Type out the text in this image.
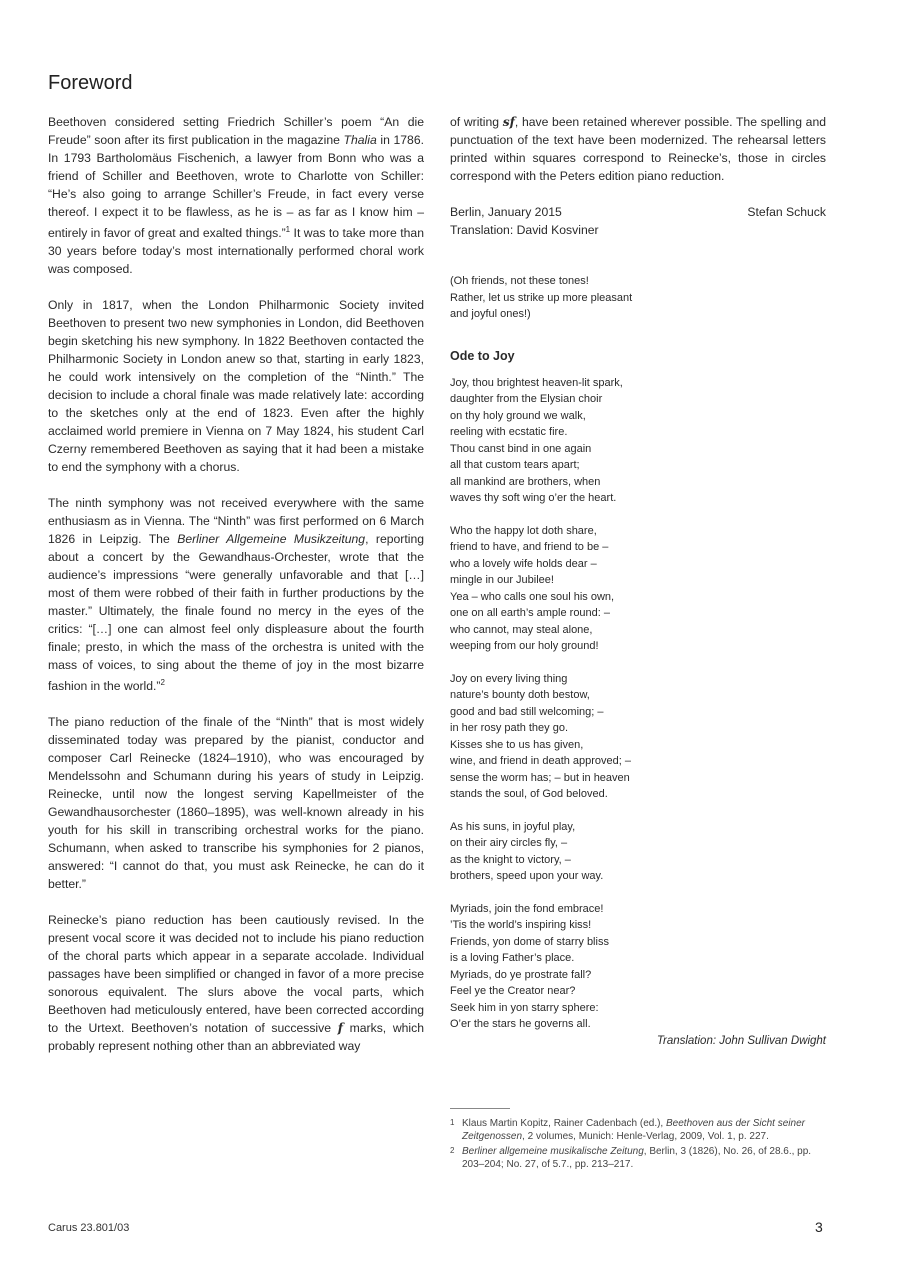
Foreword

Beethoven considered setting Friedrich Schiller’s poem “An die Freude” soon after its first publication in the magazine Thalia in 1786. In 1793 Bartholomäus Fischenich, a lawyer from Bonn who was a friend of Schiller and Beethoven, wrote to Charlotte von Schiller: “He’s also going to arrange Schiller’s Freude, in fact every verse thereof. I expect it to be flawless, as he is – as far as I know him – entirely in favor of great and exalted things.”$^1$ It was to take more than 30 years before today’s most internationally performed choral work was composed.

Only in 1817, when the London Philharmonic Society invited Beethoven to present two new symphonies in London, did Beethoven begin sketching his new symphony. In 1822 Beethoven contacted the Philharmonic Society in London anew so that, starting in early 1823, he could work intensively on the completion of the “Ninth.” The decision to include a choral finale was made relatively late: according to the sketches only at the end of 1823. Even after the highly acclaimed world premiere in Vienna on 7 May 1824, his student Carl Czerny remembered Beethoven as saying that it had been a mistake to end the symphony with a chorus.

The ninth symphony was not received everywhere with the same enthusiasm as in Vienna. The “Ninth” was first performed on 6 March 1826 in Leipzig. The Berliner Allgemeine Musikzeitung, reporting about a concert by the Gewandhaus-Orchester, wrote that the audience’s impressions “were generally unfavorable and that […] most of them were robbed of their faith in further productions by the master.” Ultimately, the finale found no mercy in the eyes of the critics: “[…] one can almost feel only displeasure about the fourth finale; presto, in which the mass of the orchestra is united with the mass of voices, to sing about the theme of joy in the most bizarre fashion in the world.”$^2$

The piano reduction of the finale of the “Ninth” that is most widely disseminated today was prepared by the pianist, conductor and composer Carl Reinecke (1824–1910), who was encouraged by Mendelssohn and Schumann during his years of study in Leipzig. Reinecke, until now the longest serving Kapellmeister of the Gewandhausorchester (1860–1895), was well-known already in his youth for his skill in transcribing orchestral works for the piano. Schumann, when asked to transcribe his symphonies for 2 pianos, answered: “I cannot do that, you must ask Reinecke, he can do it better.”

Reinecke’s piano reduction has been cautiously revised. In the present vocal score it was decided not to include his piano reduction of the choral parts which appear in a separate accolade. Individual passages have been simplified or changed in favor of a more precise sonorous equivalent. The slurs above the vocal parts, which Beethoven had meticulously entered, have been corrected according to the Urtext. Beethoven’s notation of successive f marks, which probably represent nothing other than an abbreviated way

of writing sf, have been retained wherever possible. The spelling and punctuation of the text have been modernized. The rehearsal letters printed within squares correspond to Reinecke’s, those in circles correspond with the Peters edition piano reduction.

Berlin, January 2015	Stefan Schuck
Translation: David Kosviner
(Oh friends, not these tones!
Rather, let us strike up more pleasant
and joyful ones!)
Ode to Joy
Joy, thou brightest heaven-lit spark,
daughter from the Elysian choir
on thy holy ground we walk,
reeling with ecstatic fire.
Thou canst bind in one again
all that custom tears apart;
all mankind are brothers, when
waves thy soft wing o’er the heart.
Who the happy lot doth share,
friend to have, and friend to be –
who a lovely wife holds dear –
mingle in our Jubilee!
Yea – who calls one soul his own,
one on all earth’s ample round: –
who cannot, may steal alone,
weeping from our holy ground!
Joy on every living thing
nature’s bounty doth bestow,
good and bad still welcoming; –
in her rosy path they go.
Kisses she to us has given,
wine, and friend in death approved; –
sense the worm has; – but in heaven
stands the soul, of God beloved.
As his suns, in joyful play,
on their airy circles fly, –
as the knight to victory, –
brothers, speed upon your way.
Myriads, join the fond embrace!
’Tis the world’s inspiring kiss!
Friends, yon dome of starry bliss
is a loving Father’s place.
Myriads, do ye prostrate fall?
Feel ye the Creator near?
Seek him in yon starry sphere:
O’er the stars he governs all.
Translation: John Sullivan Dwight
1 Klaus Martin Kopitz, Rainer Cadenbach (ed.), Beethoven aus der Sicht seiner Zeitgenossen, 2 volumes, Munich: Henle-Verlag, 2009, Vol. 1, p. 227.
2 Berliner allgemeine musikalische Zeitung, Berlin, 3 (1826), No. 26, of 28.6., pp. 203–204; No. 27, of 5.7., pp. 213–217.
Carus 23.801/03	3
